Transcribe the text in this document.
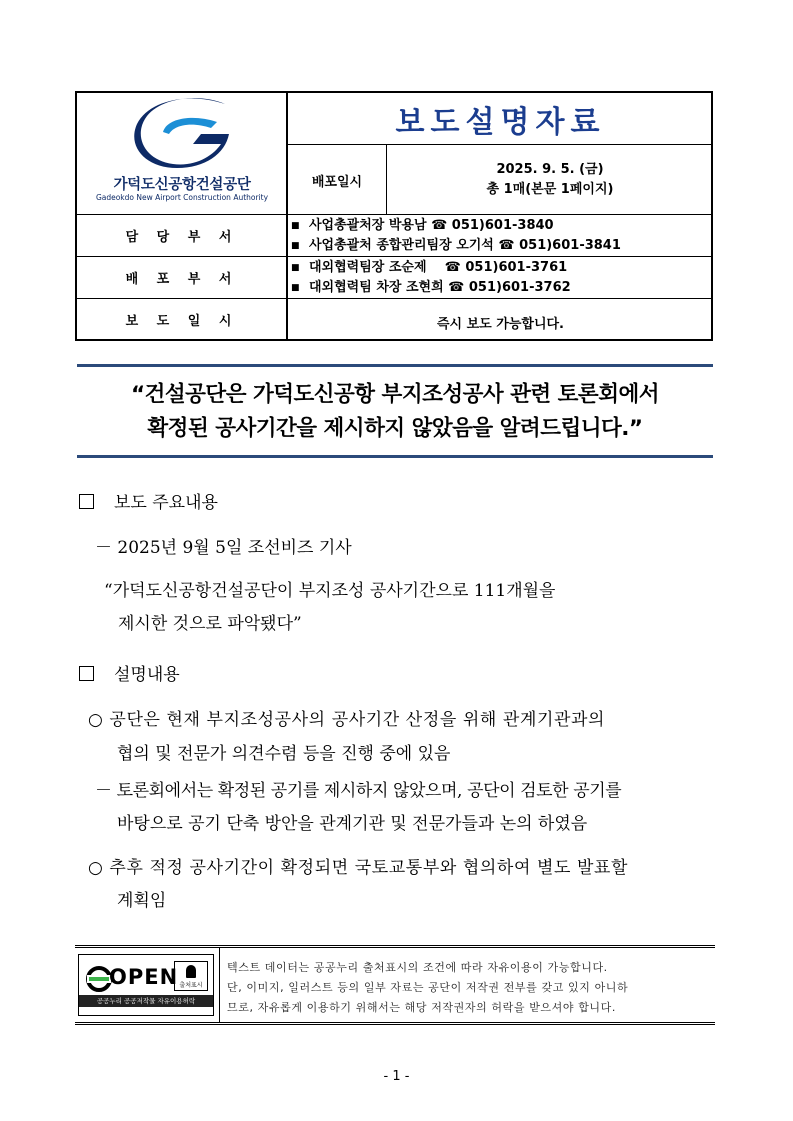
가덕도신공항건설공단
Gadeokdo New Airport Construction Authority
보도설명자료
배포일시
2025. 9. 5. (금)
총 1매(본문 1페이지)
담 당 부 서
■ 사업총괄처장 박용남 ☎ 051)601-3840
■ 사업총괄처 종합관리팀장 오기석 ☎ 051)601-3841
배 포 부 서
■ 대외협력팀장 조순제    ☎ 051)601-3761
■ 대외협력팀 차장 조현희 ☎ 051)601-3762
보 도 일 시	즉시 보도 가능합니다.
“건설공단은 가덕도신공항 부지조성공사 관련 토론회에서
확정된 공사기간을 제시하지 않았음을 알려드립니다.”
보도 주요내용
－ 2025년 9월 5일 조선비즈 기사
“가덕도신공항건설공단이 부지조성 공사기간으로 111개월을
제시한 것으로 파악됐다”
설명내용
○ 공단은 현재 부지조성공사의 공사기간 산정을 위해 관계기관과의
협의 및 전문가 의견수렴 등을 진행 중에 있음
－ 토론회에서는 확정된 공기를 제시하지 않았으며, 공단이 검토한 공기를
바탕으로 공기 단축 방안을 관계기관 및 전문가들과 논의 하였음
○ 추후 적정 공사기간이 확정되면 국토교통부와 협의하여 별도 발표할
계획임
OPEN 출처표시
공공누리 공공저작물 자유이용허락
텍스트 데이터는 공공누리 출처표시의 조건에 따라 자유이용이 가능합니다.
단, 이미지, 일러스트 등의 일부 자료는 공단이 저작권 전부를 갖고 있지 아니하
므로, 자유롭게 이용하기 위해서는 해당 저작권자의 허락을 받으셔야 합니다.
- 1 -
